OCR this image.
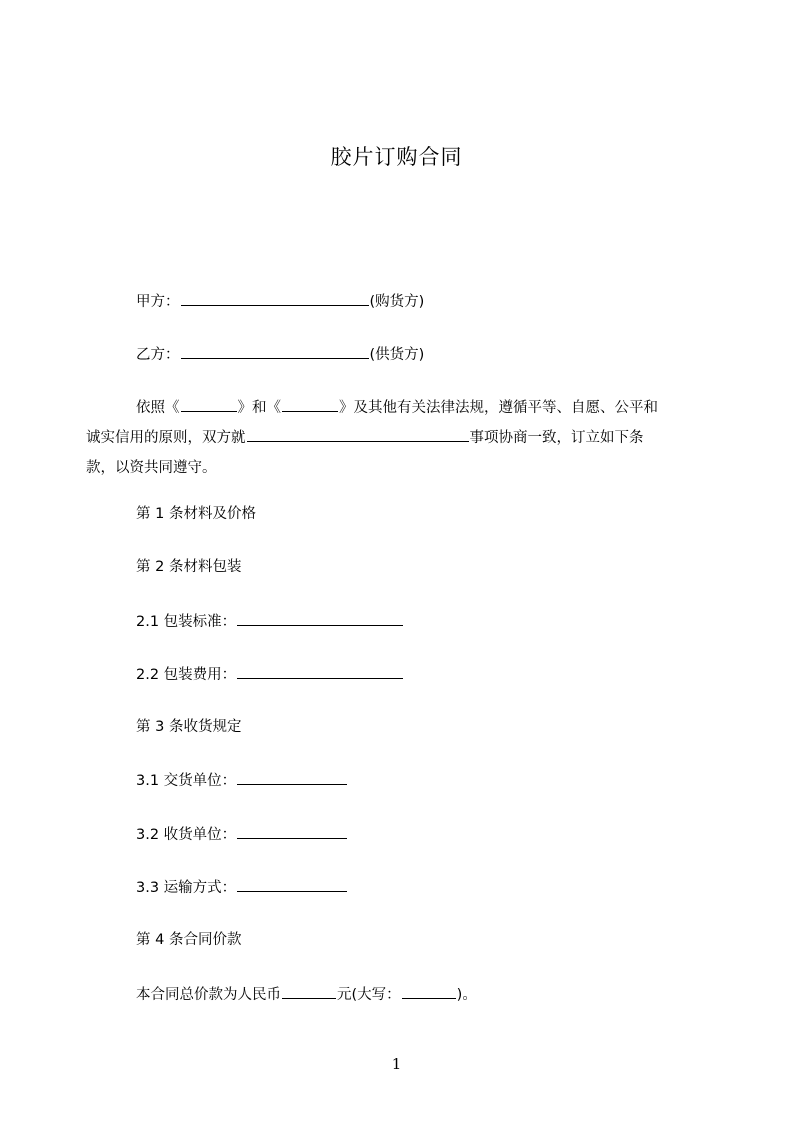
胶片订购合同
甲方：	(购货方)
乙方：	(供货方)
依照《	》和《	》及其他有关法律法规，遵循平等、自愿、公平和
诚实信用的原则，双方就	事项协商一致，订立如下条
款，以资共同遵守。
第 1 条材料及价格
第 2 条材料包装
2.1 包装标准：
2.2 包装费用：
第 3 条收货规定
3.1 交货单位：
3.2 收货单位：
3.3 运输方式：
第 4 条合同价款
本合同总价款为人民币	元(大写：	)。
1
